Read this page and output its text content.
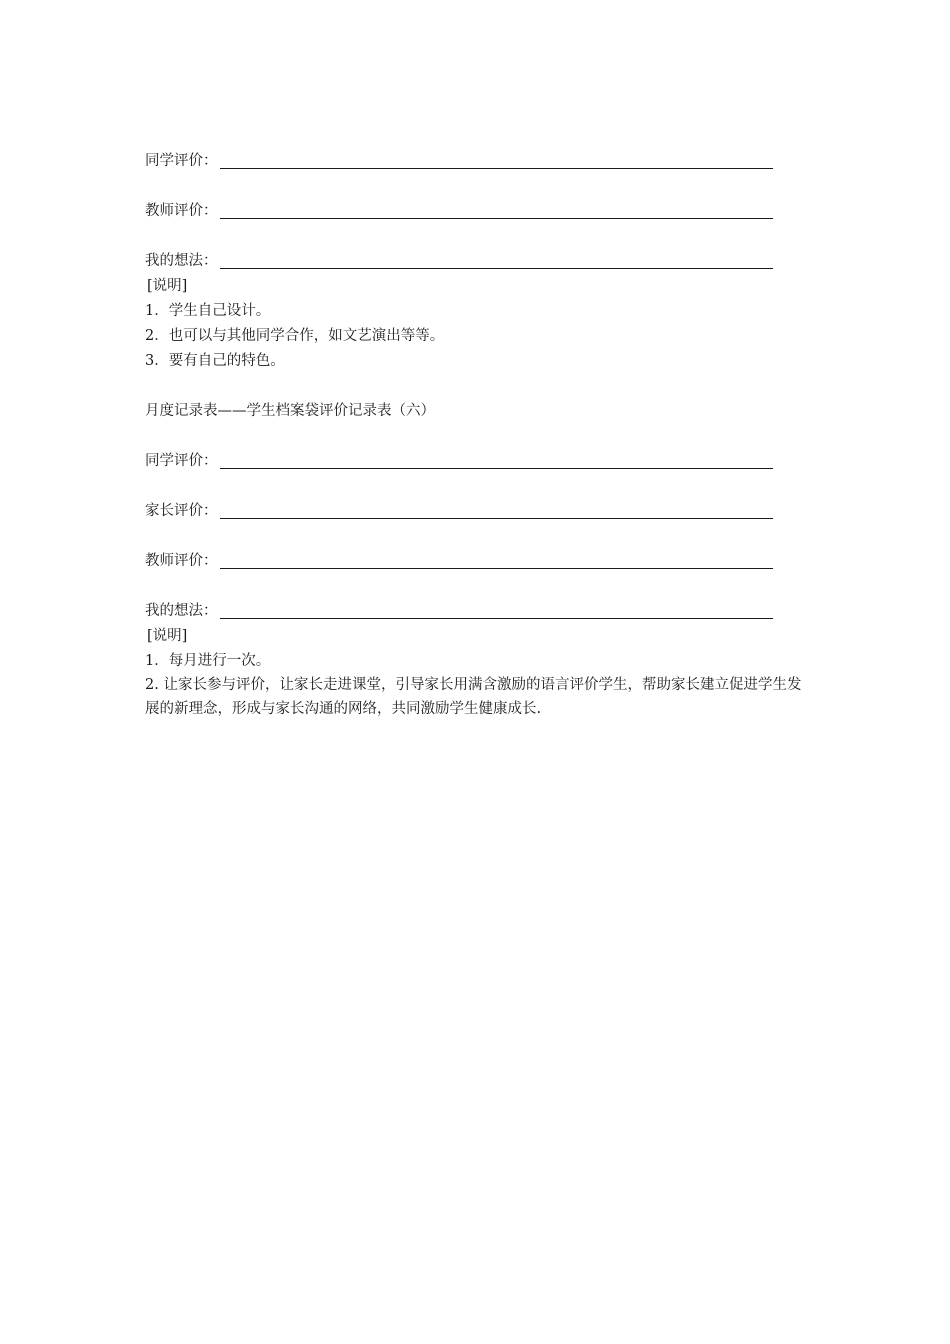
同学评价：
教师评价：
我的想法：
[说明]
1．学生自己设计。
2．也可以与其他同学合作，如文艺演出等等。
3．要有自己的特色。
月度记录表——学生档案袋评价记录表（六）
同学评价：
家长评价：
教师评价：
我的想法：
[说明]
1．每月进行一次。
2. 让家长参与评价，让家长走进课堂，引导家长用满含激励的语言评价学生，帮助家长建立促进学生发展的新理念，形成与家长沟通的网络，共同激励学生健康成长.
